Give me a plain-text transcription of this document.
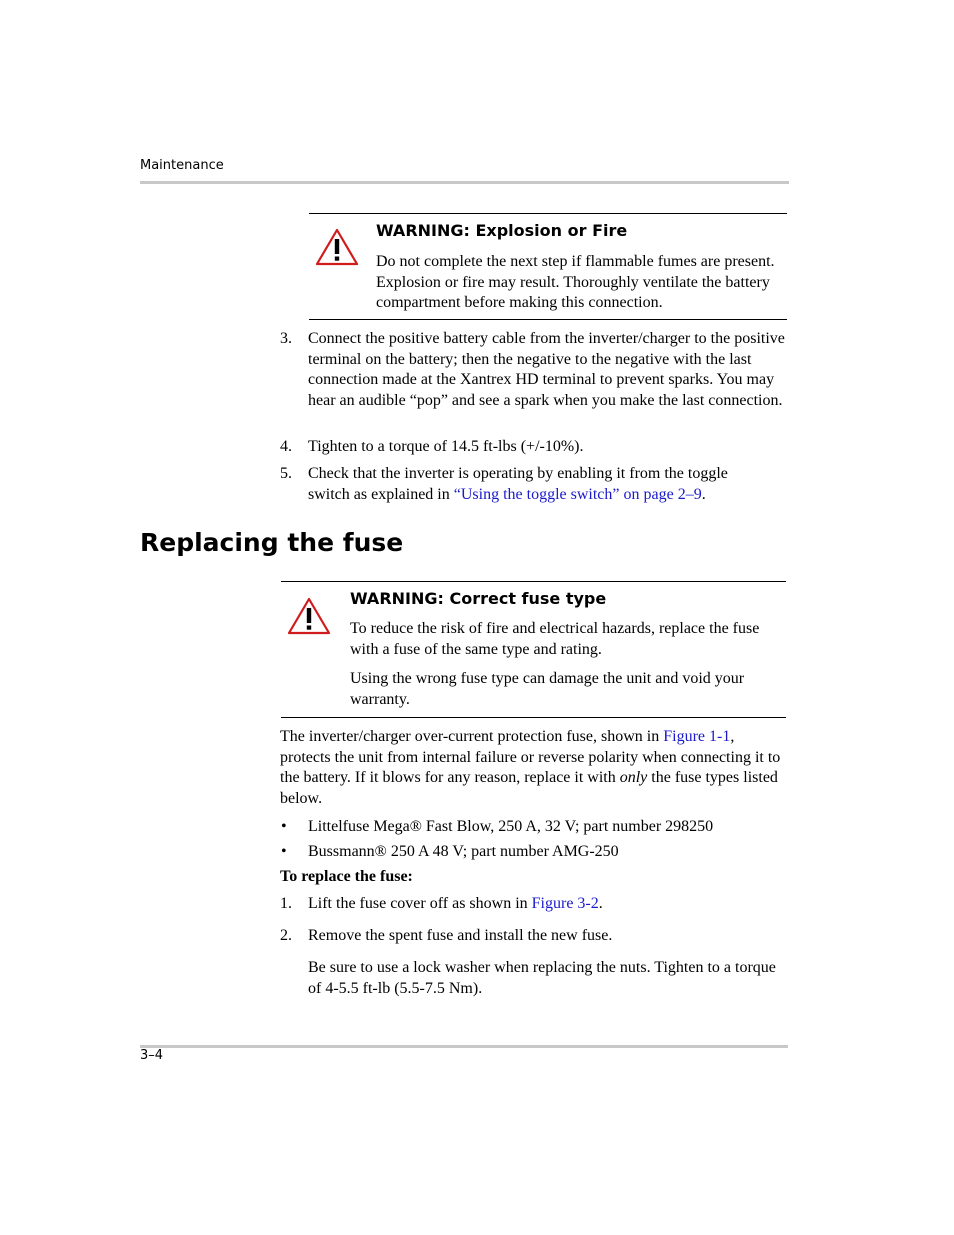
Maintenance
WARNING: Explosion or Fire
Do not complete the next step if flammable fumes are present. Explosion or fire may result. Thoroughly ventilate the battery compartment before making this connection.
3. Connect the positive battery cable from the inverter/charger to the positive terminal on the battery; then the negative to the negative with the last connection made at the Xantrex HD terminal to prevent sparks. You may hear an audible “pop” and see a spark when you make the last connection.
4. Tighten to a torque of 14.5 ft-lbs (+/-10%).
5. Check that the inverter is operating by enabling it from the toggle switch as explained in “Using the toggle switch” on page 2–9.
Replacing the fuse
WARNING: Correct fuse type
To reduce the risk of fire and electrical hazards, replace the fuse with a fuse of the same type and rating.
Using the wrong fuse type can damage the unit and void your warranty.
The inverter/charger over-current protection fuse, shown in Figure 1-1, protects the unit from internal failure or reverse polarity when connecting it to the battery. If it blows for any reason, replace it with only the fuse types listed below.
• Littelfuse Mega® Fast Blow, 250 A, 32 V; part number 298250
• Bussmann® 250 A 48 V; part number AMG-250
To replace the fuse:
1. Lift the fuse cover off as shown in Figure 3-2.
2. Remove the spent fuse and install the new fuse.
Be sure to use a lock washer when replacing the nuts. Tighten to a torque of 4-5.5 ft-lb (5.5-7.5 Nm).
3–4
